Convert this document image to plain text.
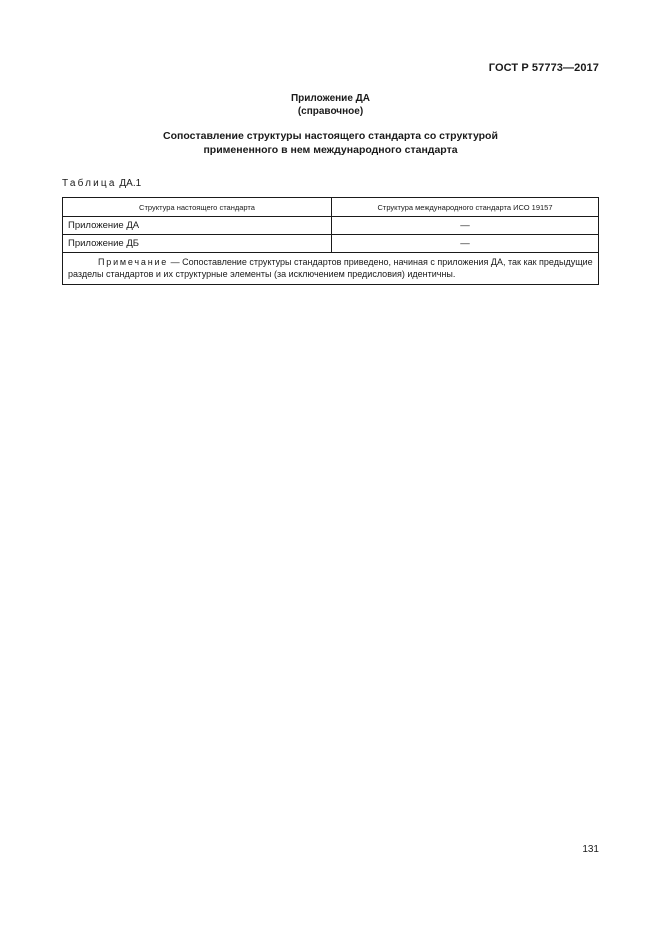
ГОСТ Р 57773—2017
Приложение ДА
(справочное)
Сопоставление структуры настоящего стандарта со структурой
примененного в нем международного стандарта
Таблица ДА.1
Структура настоящего стандарта	Структура международного стандарта ИСО 19157
Приложение ДА	—
Приложение ДБ	—
Примечание — Сопоставление структуры стандартов приведено, начиная с приложения ДА, так как предыдущие разделы стандартов и их структурные элементы (за исключением предисловия) идентичны.	
131
